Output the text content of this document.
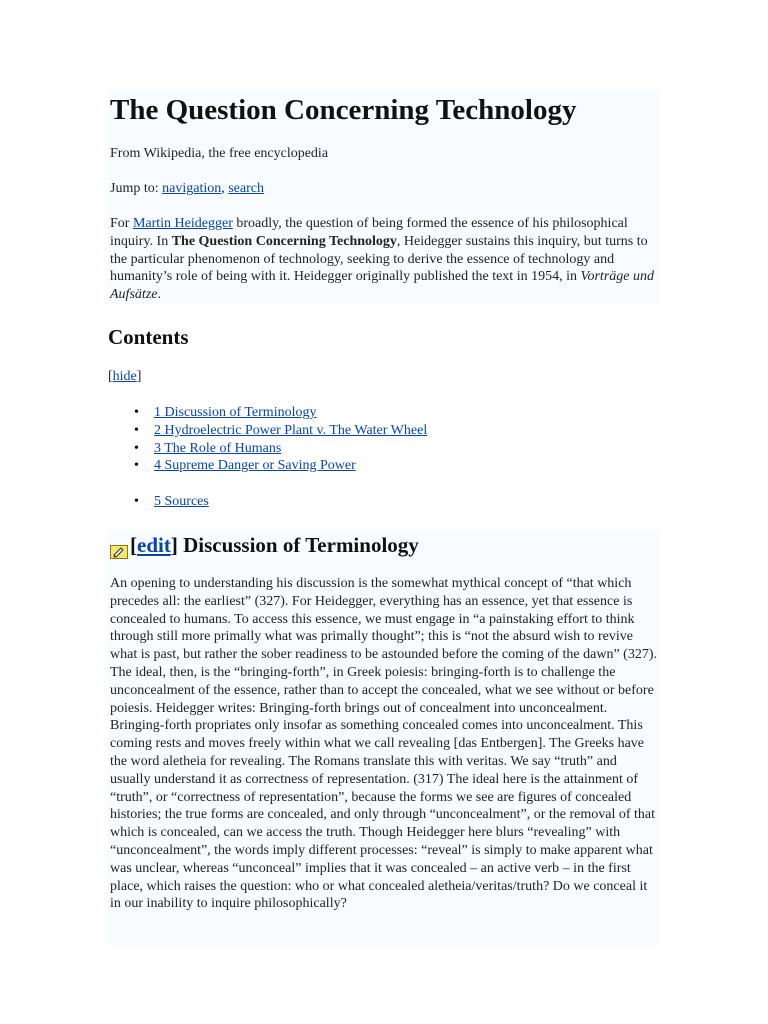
The Question Concerning Technology

From Wikipedia, the free encyclopedia

Jump to: navigation, search

For Martin Heidegger broadly, the question of being formed the essence of his philosophical inquiry. In The Question Concerning Technology, Heidegger sustains this inquiry, but turns to the particular phenomenon of technology, seeking to derive the essence of technology and humanity’s role of being with it. Heidegger originally published the text in 1954, in Vorträge und Aufsätze.

Contents

[hide]

• 1 Discussion of Terminology
• 2 Hydroelectric Power Plant v. The Water Wheel
• 3 The Role of Humans
• 4 Supreme Danger or Saving Power
• 5 Sources
[ edit ] Discussion of Terminology

An opening to understanding his discussion is the somewhat mythical concept of “that which precedes all: the earliest” (327). For Heidegger, everything has an essence, yet that essence is concealed to humans. To access this essence, we must engage in “a painstaking effort to think through still more primally what was primally thought”; this is “not the absurd wish to revive what is past, but rather the sober readiness to be astounded before the coming of the dawn” (327). The ideal, then, is the “bringing-forth”, in Greek poiesis: bringing-forth is to challenge the unconcealment of the essence, rather than to accept the concealed, what we see without or before poiesis. Heidegger writes: Bringing-forth brings out of concealment into unconcealment. Bringing-forth propriates only insofar as something concealed comes into unconcealment. This coming rests and moves freely within what we call revealing [das Entbergen]. The Greeks have the word aletheia for revealing. The Romans translate this with veritas. We say “truth” and usually understand it as correctness of representation. (317) The ideal here is the attainment of “truth”, or “correctness of representation”, because the forms we see are figures of concealed histories; the true forms are concealed, and only through “unconcealment”, or the removal of that which is concealed, can we access the truth. Though Heidegger here blurs “revealing” with “unconcealment”, the words imply different processes: “reveal” is simply to make apparent what was unclear, whereas “unconceal” implies that it was concealed – an active verb – in the first place, which raises the question: who or what concealed aletheia/veritas/truth? Do we conceal it in our inability to inquire philosophically?
